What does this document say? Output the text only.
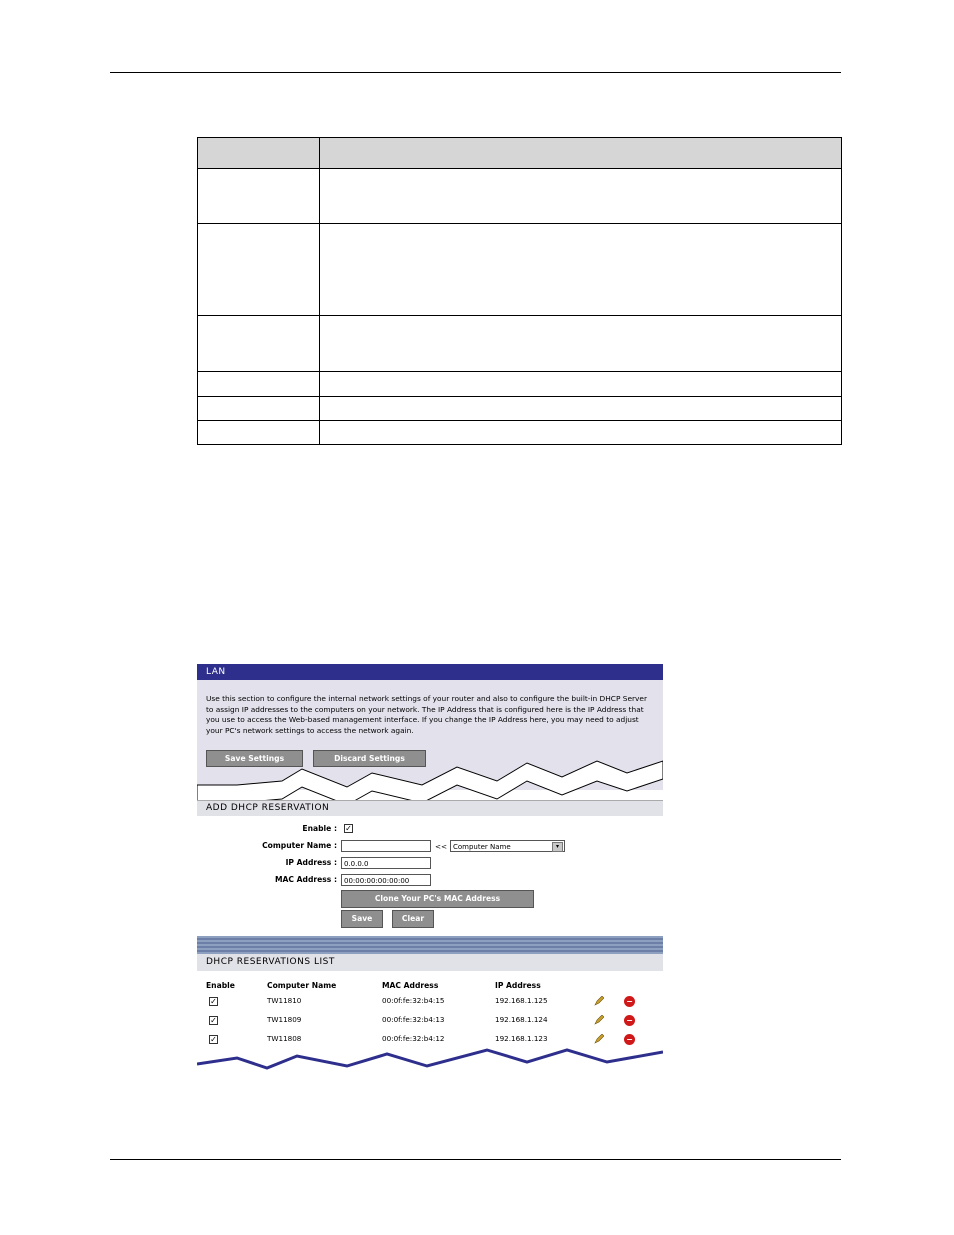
LAN
Use this section to configure the internal network settings of your router and also to configure the built-in DHCP Server to assign IP addresses to the computers on your network. The IP Address that is configured here is the IP Address that you use to access the Web-based management interface. If you change the IP Address here, you may need to adjust your PC's network settings to access the network again.
Save Settings	Discard Settings
ADD DHCP RESERVATION
Enable : ✓
Computer Name :	<< Computer Name	▾
IP Address :	0.0.0.0
MAC Address :	00:00:00:00:00:00
Clone Your PC's MAC Address
Save	Clear
DHCP RESERVATIONS LIST
Enable	Computer Name	MAC Address	IP Address
✓	TW11810	00:0f:fe:32:b4:15	192.168.1.125	−
✓	TW11809	00:0f:fe:32:b4:13	192.168.1.124	−
✓	TW11808	00:0f:fe:32:b4:12	192.168.1.123	−
